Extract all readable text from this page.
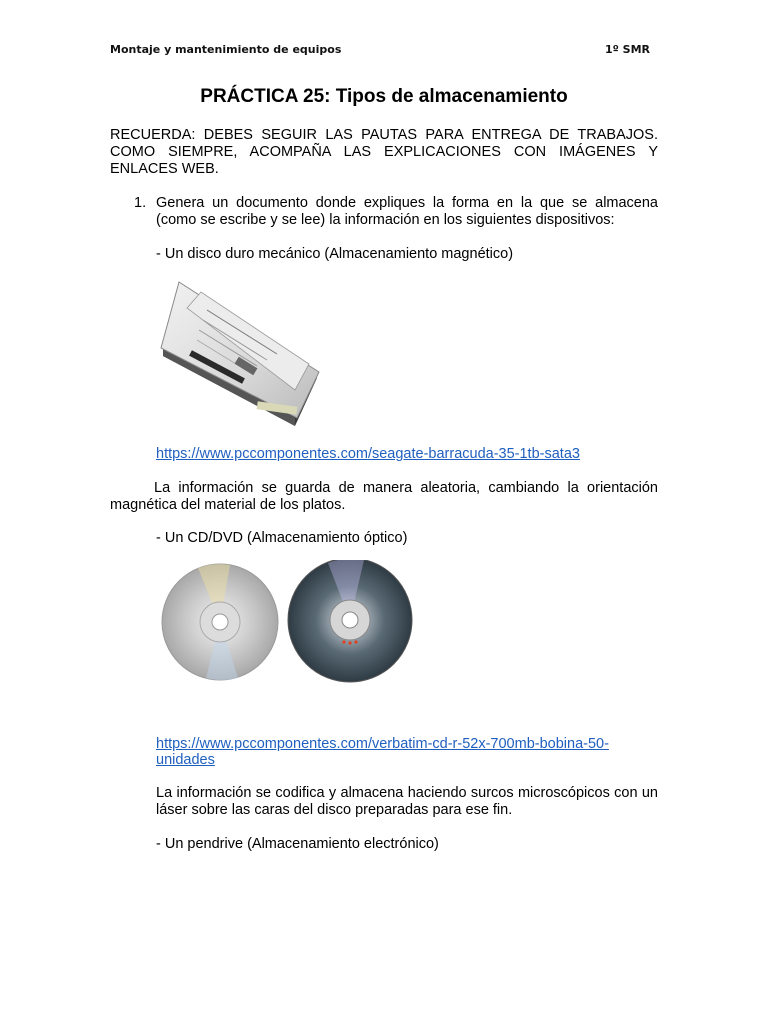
Montaje y mantenimiento de equipos	1º SMR
PRÁCTICA 25: Tipos de almacenamiento
RECUERDA: DEBES SEGUIR LAS PAUTAS PARA ENTREGA DE TRABAJOS. COMO SIEMPRE, ACOMPAÑA LAS EXPLICACIONES CON IMÁGENES Y ENLACES WEB.
1. Genera un documento donde expliques la forma en la que se almacena (como se escribe y se lee) la información en los siguientes dispositivos:
- Un disco duro mecánico (Almacenamiento magnético)
https://www.pccomponentes.com/seagate-barracuda-35-1tb-sata3
La información se guarda de manera aleatoria, cambiando la orientación magnética del material de los platos.
- Un CD/DVD (Almacenamiento óptico)
https://www.pccomponentes.com/verbatim-cd-r-52x-700mb-bobina-50-
unidades
La información se codifica y almacena haciendo surcos microscópicos con un láser sobre las caras del disco preparadas para ese fin.
- Un pendrive (Almacenamiento electrónico)
